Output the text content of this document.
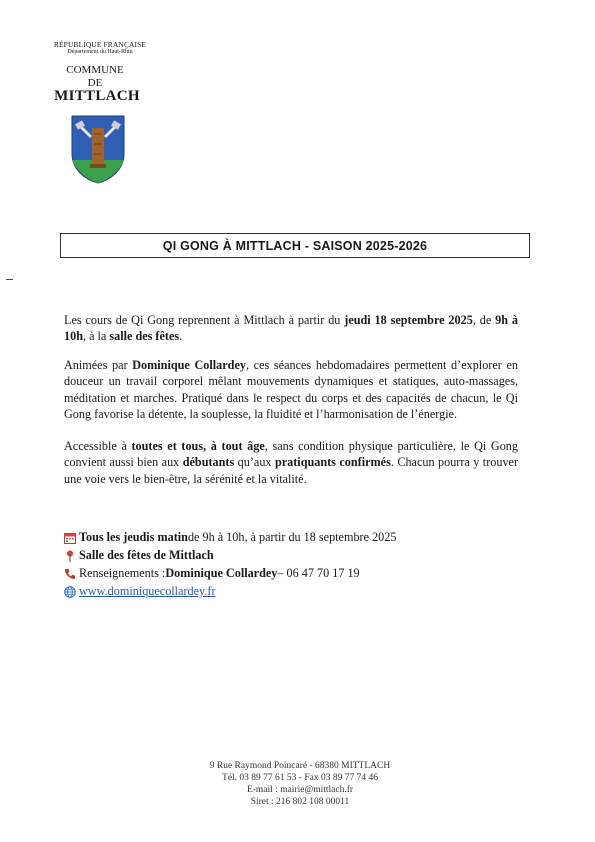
RÉPUBLIQUE FRANÇAISE
Département du Haut-Rhin
COMMUNE
DE
MITTLACH
QI GONG À MITTLACH - SAISON 2025-2026
Les cours de Qi Gong reprennent à Mittlach à partir du jeudi 18 septembre 2025, de 9h à 10h, à la salle des fêtes.
Animées par Dominique Collardey, ces séances hebdomadaires permettent d’explorer en douceur un travail corporel mêlant mouvements dynamiques et statiques, auto-massages, méditation et marches. Pratiqué dans le respect du corps et des capacités de chacun, le Qi Gong favorise la détente, la souplesse, la fluidité et l’harmonisation de l’énergie.
Accessible à toutes et tous, à tout âge, sans condition physique particulière, le Qi Gong convient aussi bien aux débutants qu’aux pratiquants confirmés. Chacun pourra y trouver une voie vers le bien-être, la sérénité et la vitalité.
Tous les jeudis matin de 9h à 10h, à partir du 18 septembre 2025
Salle des fêtes de Mittlach
Renseignements : Dominique Collardey – 06 47 70 17 19
www.dominiquecollardey.fr
9 Rue Raymond Poincaré - 68380 MITTLACH
Tél. 03 89 77 61 53 - Fax 03 89 77 74 46
E-mail : mairie@mittlach.fr
Siret : 216 802 108 00011
